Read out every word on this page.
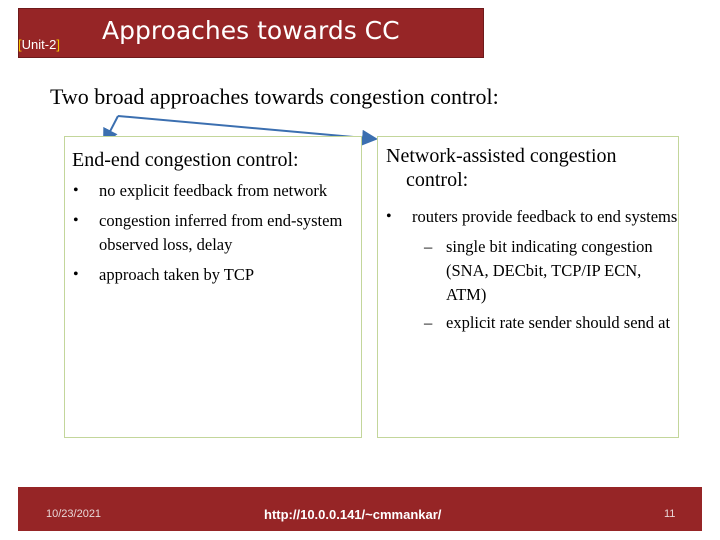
[Unit-2] Approaches towards CC
Two broad approaches towards congestion control:
End-end congestion control:
• no explicit feedback from network
• congestion inferred from end-system observed loss, delay
• approach taken by TCP
Network-assisted congestion
control:
• routers provide feedback to end systems
– single bit indicating congestion (SNA, DECbit, TCP/IP ECN, ATM)
– explicit rate sender should send at
10/23/2021	http://10.0.0.141/~cmmankar/	11
